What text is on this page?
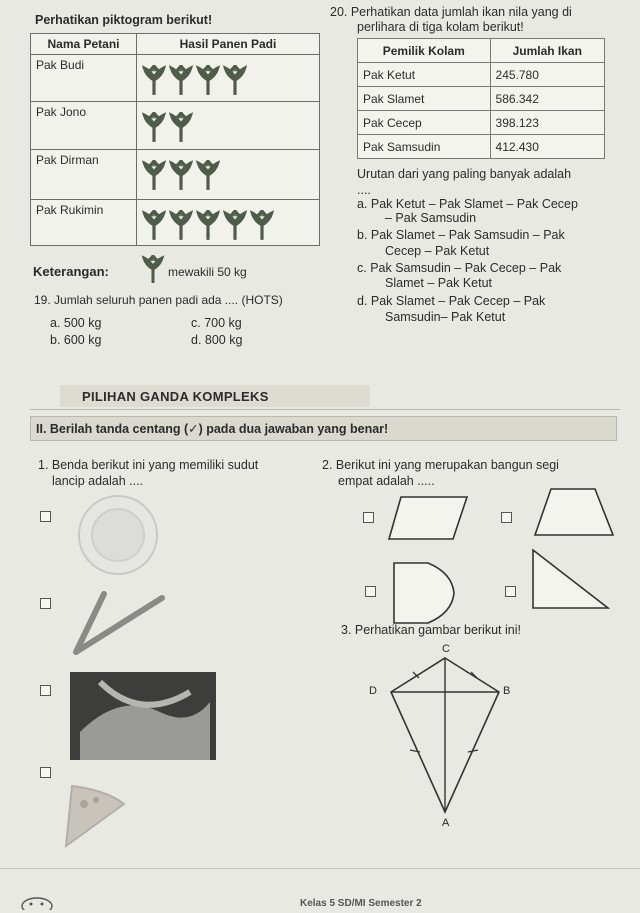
Perhatikan piktogram berikut!
Nama Petani	Hasil Panen Padi
Pak Budi	
Pak Jono	
Pak Dirman	
Pak Rukimin	
Keterangan:	mewakili 50 kg
19. Jumlah seluruh panen padi ada .... (HOTS)
a. 500 kg
b. 600 kg
c. 700 kg
d. 800 kg
20. Perhatikan data jumlah ikan nila yang di
perlihara di tiga kolam berikut!
Pemilik Kolam	Jumlah Ikan
Pak Ketut	245.780
Pak Slamet	586.342
Pak Cecep	398.123
Pak Samsudin	412.430
Urutan dari yang paling banyak adalah
....
a. Pak Ketut – Pak Slamet – Pak Cecep
– Pak Samsudin
b. Pak Slamet – Pak Samsudin – Pak
Cecep – Pak Ketut
c. Pak Samsudin – Pak Cecep – Pak
Slamet – Pak Ketut
d. Pak Slamet – Pak Cecep – Pak
Samsudin– Pak Ketut
PILIHAN GANDA KOMPLEKS
II. Berilah tanda centang (✓) pada dua jawaban yang benar!
1. Benda berikut ini yang memiliki sudut
lancip adalah ....
2. Berikut ini yang merupakan bangun segi
empat adalah .....
3. Perhatikan gambar berikut ini!
C
D	B
A
Kelas 5 SD/MI Semester 2
